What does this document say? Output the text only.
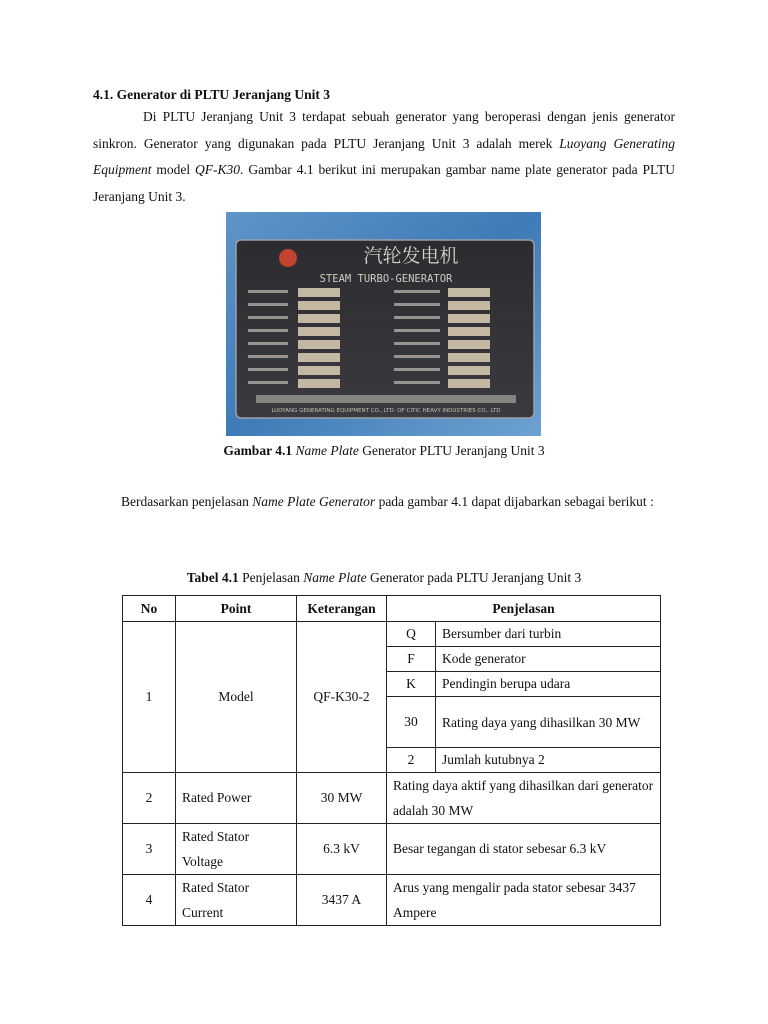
4.1. Generator di PLTU Jeranjang Unit 3

Di PLTU Jeranjang Unit 3 terdapat sebuah generator yang beroperasi dengan jenis generator sinkron. Generator yang digunakan pada PLTU Jeranjang Unit 3 adalah merek Luoyang Generating Equipment model QF-K30. Gambar 4.1 berikut ini merupakan gambar name plate generator pada PLTU Jeranjang Unit 3.

汽轮发电机
STEAM TURBO-GENERATOR
LUOYANG GENERATING EQUIPMENT CO., LTD. OF CITIC HEAVY INDUSTRIES CO., LTD
Gambar 4.1 Name Plate Generator PLTU Jeranjang Unit 3

Berdasarkan penjelasan Name Plate Generator pada gambar 4.1 dapat dijabarkan sebagai berikut :

Tabel 4.1 Penjelasan Name Plate Generator pada PLTU Jeranjang Unit 3
No	Point	Keterangan	Penjelasan	
1	Model	QF-K30-2	Q	Bersumber dari turbin
			F	Kode generator
			K	Pendingin berupa udara
			30	Rating daya yang dihasilkan 30 MW
			2	Jumlah kutubnya 2
2	Rated Power	30 MW	Rating daya aktif yang dihasilkan dari generator adalah 30 MW	
3	Rated Stator Voltage	6.3 kV	Besar tegangan di stator sebesar 6.3 kV	
4	Rated Stator Current	3437 A	Arus yang mengalir pada stator sebesar 3437 Ampere	
